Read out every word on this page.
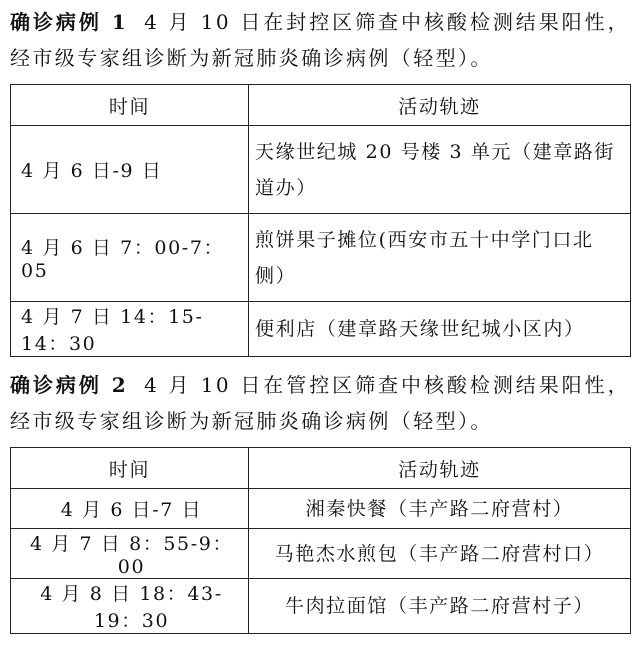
确诊病例 1 4 月 10 日在封控区筛查中核酸检测结果阳性，经市级专家组诊断为新冠肺炎确诊病例（轻型）。

时间	活动轨迹
4 月 6 日-9 日	天缘世纪城 20 号楼 3 单元（建章路街道办）
4 月 6 日 7：00-7：05	煎饼果子摊位(西安市五十中学门口北侧）
4 月 7 日 14：15-14：30	便利店（建章路天缘世纪城小区内）

确诊病例 2 4 月 10 日在管控区筛查中核酸检测结果阳性，经市级专家组诊断为新冠肺炎确诊病例（轻型）。

时间	活动轨迹
4 月 6 日-7 日	湘秦快餐（丰产路二府营村）
4 月 7 日 8：55-9：00	马艳杰水煎包（丰产路二府营村口）
4 月 8 日 18：43-19：30	牛肉拉面馆（丰产路二府营村子）
